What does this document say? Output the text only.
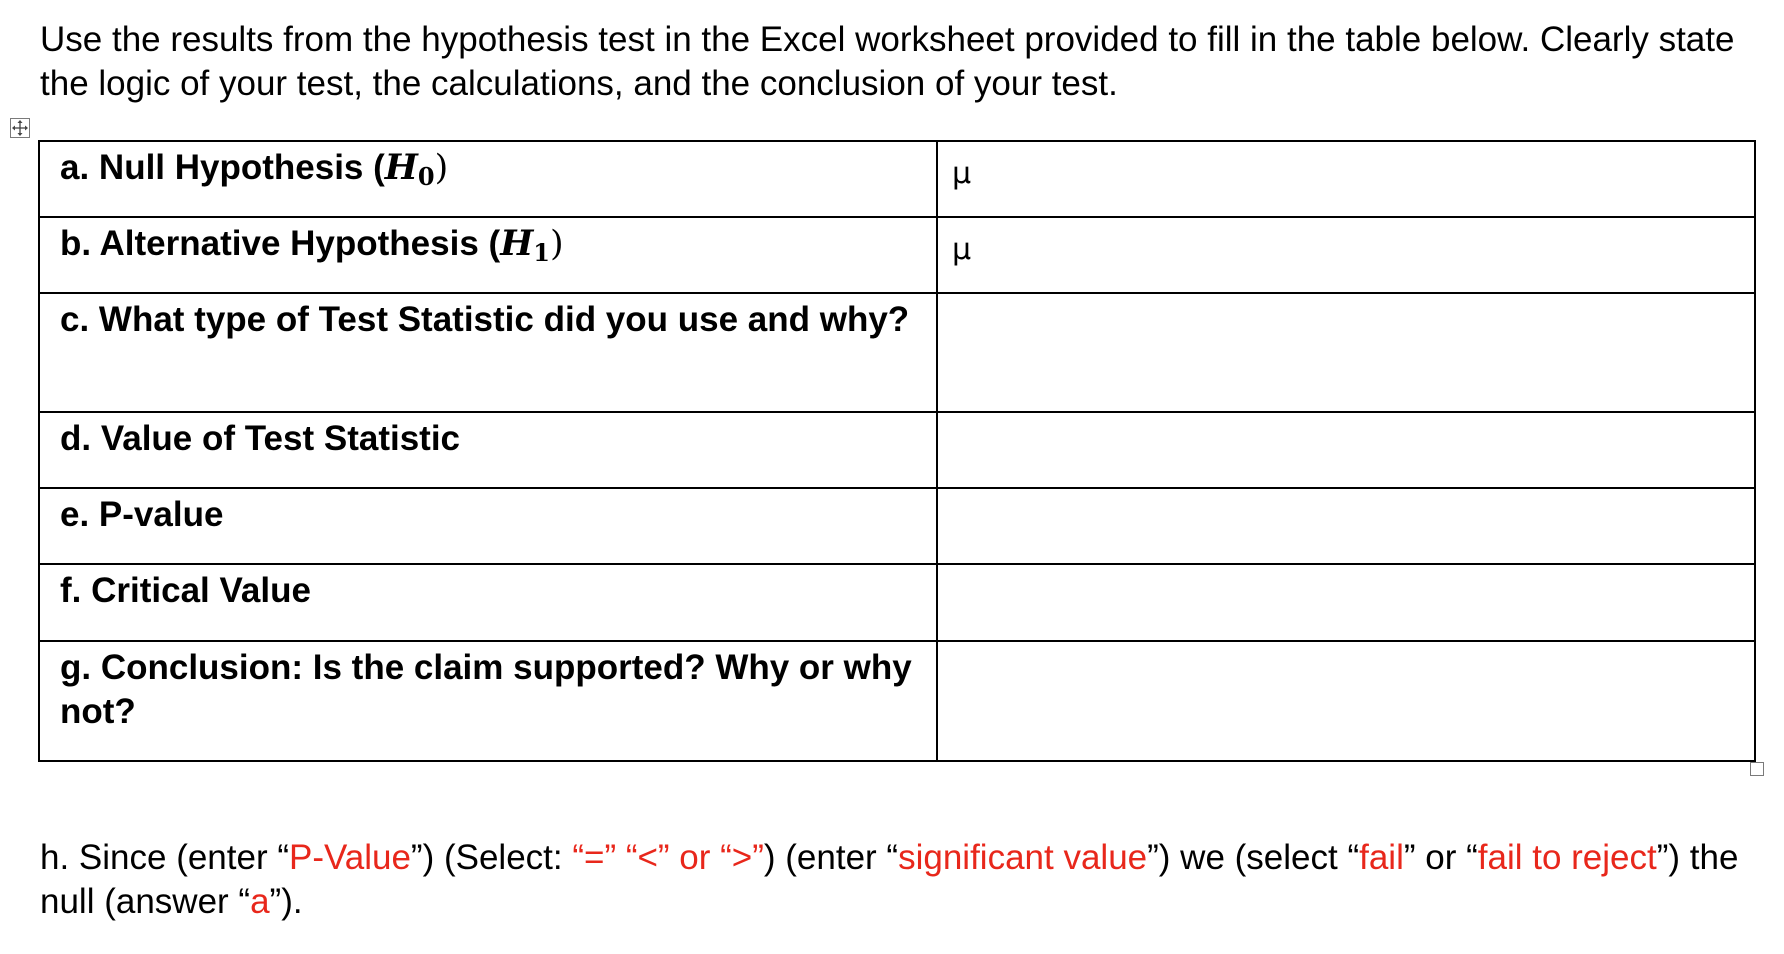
Use the results from the hypothesis test in the Excel worksheet provided to fill in the table below. Clearly state the logic of your test, the calculations, and the conclusion of your test.
a. Null Hypothesis $(H_0)$	µ
b. Alternative Hypothesis $(H_1)$	µ
c. What type of Test Statistic did you use and why?	
d. Value of Test Statistic	
e. P-value	
f. Critical Value	
g. Conclusion: Is the claim supported? Why or why not?	
h. Since (enter “P-Value”) (Select: “=” “<” or “>”) (enter “significant value”) we (select “fail” or “fail to reject”) the null (answer “a”).
